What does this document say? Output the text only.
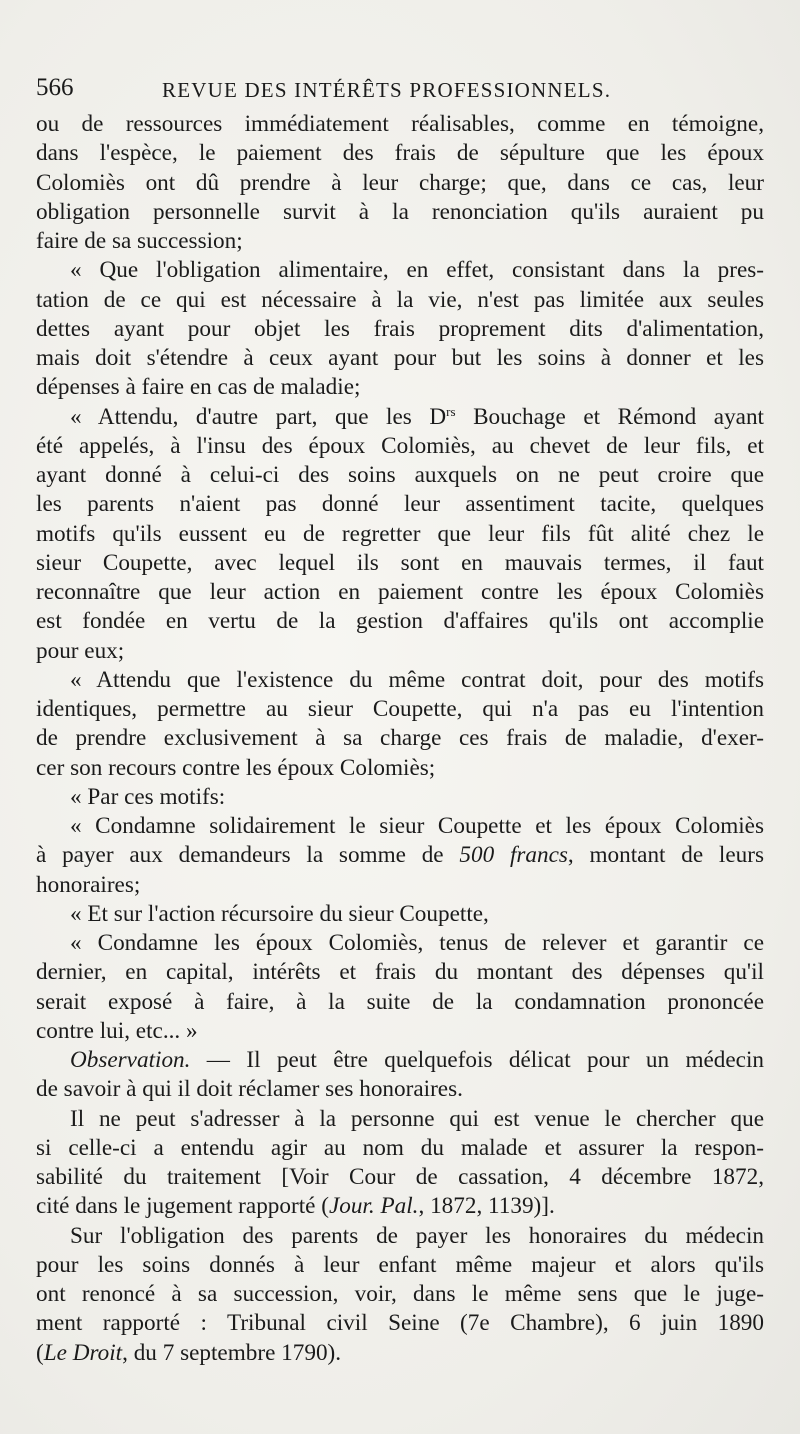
566	REVUE DES INTÉRÊTS PROFESSIONNELS.
ou de ressources immédiatement réalisables, comme en témoigne,
dans l'espèce, le paiement des frais de sépulture que les époux
Colomiès ont dû prendre à leur charge; que, dans ce cas, leur
obligation personnelle survit à la renonciation qu'ils auraient pu
faire de sa succession;
« Que l'obligation alimentaire, en effet, consistant dans la pres-
tation de ce qui est nécessaire à la vie, n'est pas limitée aux seules
dettes ayant pour objet les frais proprement dits d'alimentation,
mais doit s'étendre à ceux ayant pour but les soins à donner et les
dépenses à faire en cas de maladie;
« Attendu, d'autre part, que les $D^{rs}$ Bouchage et Rémond ayant
été appelés, à l'insu des époux Colomiès, au chevet de leur fils, et
ayant donné à celui-ci des soins auxquels on ne peut croire que
les parents n'aient pas donné leur assentiment tacite, quelques
motifs qu'ils eussent eu de regretter que leur fils fût alité chez le
sieur Coupette, avec lequel ils sont en mauvais termes, il faut
reconnaître que leur action en paiement contre les époux Colomiès
est fondée en vertu de la gestion d'affaires qu'ils ont accomplie
pour eux;
« Attendu que l'existence du même contrat doit, pour des motifs
identiques, permettre au sieur Coupette, qui n'a pas eu l'intention
de prendre exclusivement à sa charge ces frais de maladie, d'exer-
cer son recours contre les époux Colomiès;
« Par ces motifs:
« Condamne solidairement le sieur Coupette et les époux Colomiès
à payer aux demandeurs la somme de 500 francs, montant de leurs
honoraires;
« Et sur l'action récursoire du sieur Coupette,
« Condamne les époux Colomiès, tenus de relever et garantir ce
dernier, en capital, intérêts et frais du montant des dépenses qu'il
serait exposé à faire, à la suite de la condamnation prononcée
contre lui, etc... »
Observation. — Il peut être quelquefois délicat pour un médecin
de savoir à qui il doit réclamer ses honoraires.
Il ne peut s'adresser à la personne qui est venue le chercher que
si celle-ci a entendu agir au nom du malade et assurer la respon-
sabilité du traitement [Voir Cour de cassation, 4 décembre 1872,
cité dans le jugement rapporté (Jour. Pal., 1872, 1139)].
Sur l'obligation des parents de payer les honoraires du médecin
pour les soins donnés à leur enfant même majeur et alors qu'ils
ont renoncé à sa succession, voir, dans le même sens que le juge-
ment rapporté : Tribunal civil Seine (7e Chambre), 6 juin 1890
(Le Droit, du 7 septembre 1790).
